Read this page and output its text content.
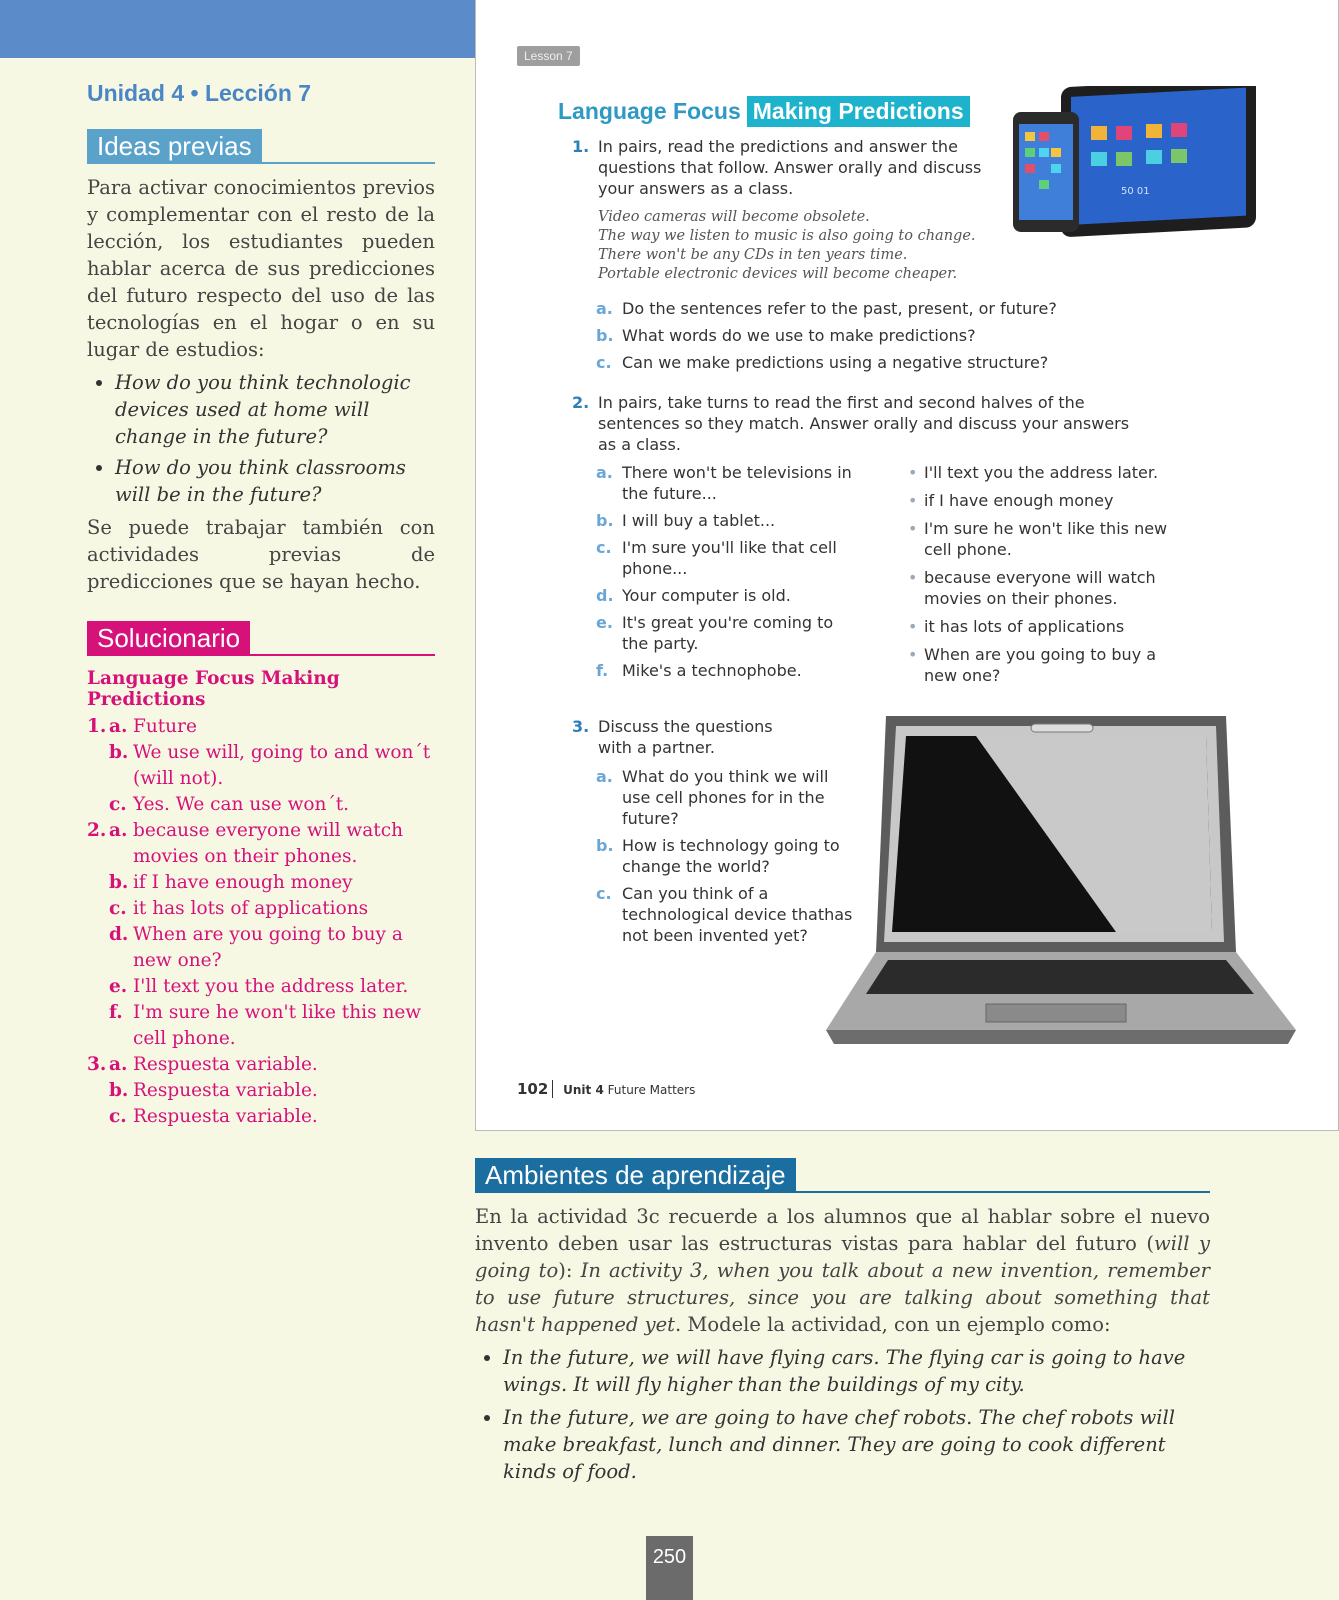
Unidad 4 • Lección 7
Ideas previas

Para activar conocimientos previos y complementar con el resto de la lección, los estudiantes pueden hablar acerca de sus predicciones del futuro respecto del uso de las tecnologías en el hogar o en su lugar de estudios:

• How do you think technologic devices used at home will change in the future?
• How do you think classrooms will be in the future?

Se puede trabajar también con actividades previas de predicciones que se hayan hecho.

Solucionario
Language Focus Making Predictions
1. a. Future
b. We use will, going to and won´t (will not).
c. Yes. We can use won´t.
2. a. because everyone will watch movies on their phones.
b. if I have enough money
c. it has lots of applications
d. When are you going to buy a new one?
e. I'll text you the address later.
f. I'm sure he won't like this new cell phone.
3. a. Respuesta variable.
b. Respuesta variable.
c. Respuesta variable.
Lesson 7
Language Focus Making Predictions
50 01
1. In pairs, read the predictions and answer the questions that follow. Answer orally and discuss your answers as a class.
Video cameras will become obsolete.
The way we listen to music is also going to change.
There won't be any CDs in ten years time.
Portable electronic devices will become cheaper.
a. Do the sentences refer to the past, present, or future?
b. What words do we use to make predictions?
c. Can we make predictions using a negative structure?
2. In pairs, take turns to read the first and second halves of the sentences so they match. Answer orally and discuss your answers as a class.
a. There won't be televisions in the future...
b. I will buy a tablet...
c. I'm sure you'll like that cell phone...
d. Your computer is old.
e. It's great you're coming to the party.
f. Mike's a technophobe.
• I'll text you the address later.
• if I have enough money
• I'm sure he won't like this new cell phone.
• because everyone will watch movies on their phones.
• it has lots of applications
• When are you going to buy a new one?
3. Discuss the questions with a partner.
a. What do you think we will use cell phones for in the future?
b. How is technology going to change the world?
c. Can you think of a technological device thathas not been invented yet?
102 Unit 4 Future Matters
Ambientes de aprendizaje

En la actividad 3c recuerde a los alumnos que al hablar sobre el nuevo invento deben usar las estructuras vistas para hablar del futuro (will y going to): In activity 3, when you talk about a new invention, remember to use future structures, since you are talking about something that hasn't happened yet. Modele la actividad, con un ejemplo como:

• In the future, we will have flying cars. The flying car is going to have wings. It will fly higher than the buildings of my city.
• In the future, we are going to have chef robots. The chef robots will make breakfast, lunch and dinner. They are going to cook different kinds of food.
250
